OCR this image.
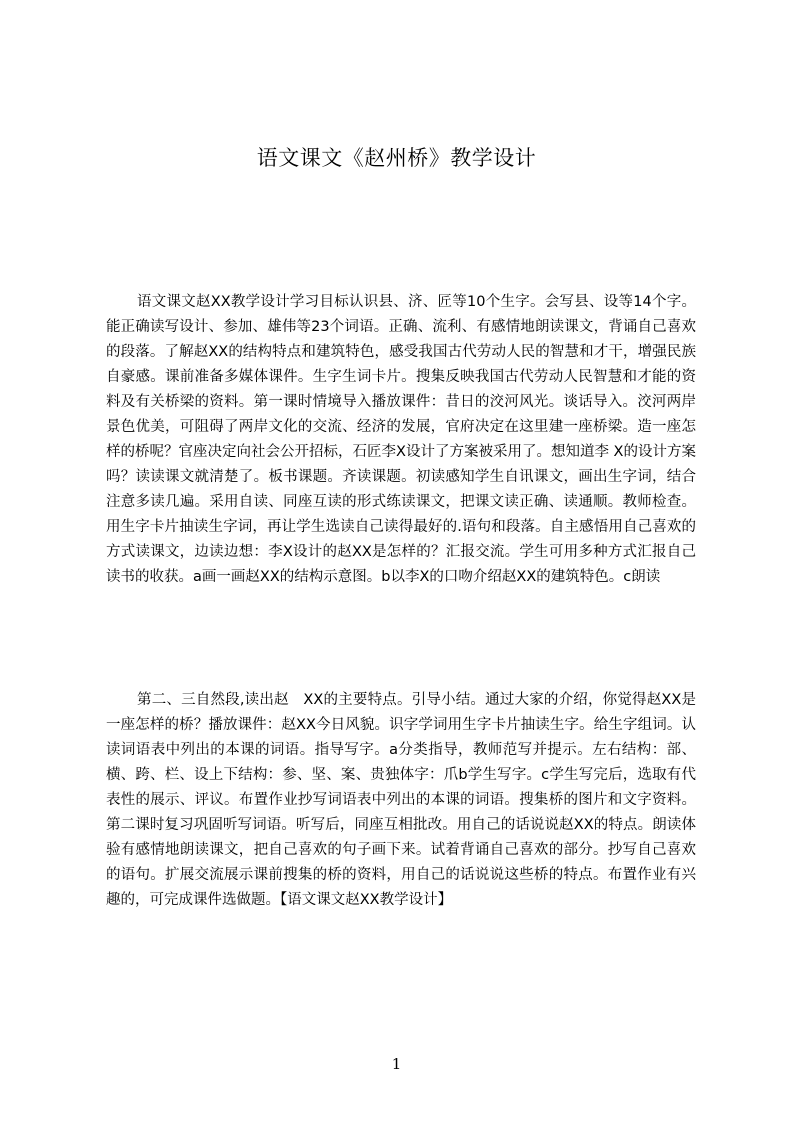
语文课文《赵州桥》教学设计

语文课文赵XX教学设计学习目标认识县、济、匠等10个生字。会写县、设等14个字。能正确读写设计、参加、雄伟等23个词语。正确、流利、有感情地朗读课文，背诵自己喜欢的段落。了解赵XX的结构特点和建筑特色，感受我国古代劳动人民的智慧和才干，增强民族自豪感。课前准备多媒体课件。生字生词卡片。搜集反映我国古代劳动人民智慧和才能的资料及有关桥梁的资料。第一课时情境导入播放课件：昔日的洨河风光。谈话导入。洨河两岸景色优美，可阻碍了两岸文化的交流、经济的发展，官府决定在这里建一座桥梁。造一座怎样的桥呢？官座决定向社会公开招标，石匠李X设计了方案被采用了。想知道李 X的设计方案吗？读读课文就清楚了。板书课题。齐读课题。初读感知学生自讯课文，画出生字词，结合注意多读几遍。采用自读、同座互读的形式练读课文，把课文读正确、读通顺。教师检查。用生字卡片抽读生字词，再让学生选读自己读得最好的.语句和段落。自主感悟用自己喜欢的方式读课文，边读边想：李X设计的赵XX是怎样的？汇报交流。学生可用多种方式汇报自己读书的收获。a画一画赵XX的结构示意图。b以李X的口吻介绍赵XX的建筑特色。c朗读

第二、三自然段,读出赵　XX的主要特点。引导小结。通过大家的介绍，你觉得赵XX是一座怎样的桥？播放课件：赵XX今日风貌。识字学词用生字卡片抽读生字。给生字组词。认读词语表中列出的本课的词语。指导写字。a分类指导，教师范写并提示。左右结构：部、横、跨、栏、设上下结构：参、坚、案、贵独体字：爪b学生写字。c学生写完后，选取有代表性的展示、评议。布置作业抄写词语表中列出的本课的词语。搜集桥的图片和文字资料。第二课时复习巩固听写词语。听写后，同座互相批改。用自己的话说说赵XX的特点。朗读体验有感情地朗读课文，把自己喜欢的句子画下来。试着背诵自己喜欢的部分。抄写自己喜欢的语句。扩展交流展示课前搜集的桥的资料，用自己的话说说这些桥的特点。布置作业有兴趣的，可完成课件选做题。【语文课文赵XX教学设计】

1
